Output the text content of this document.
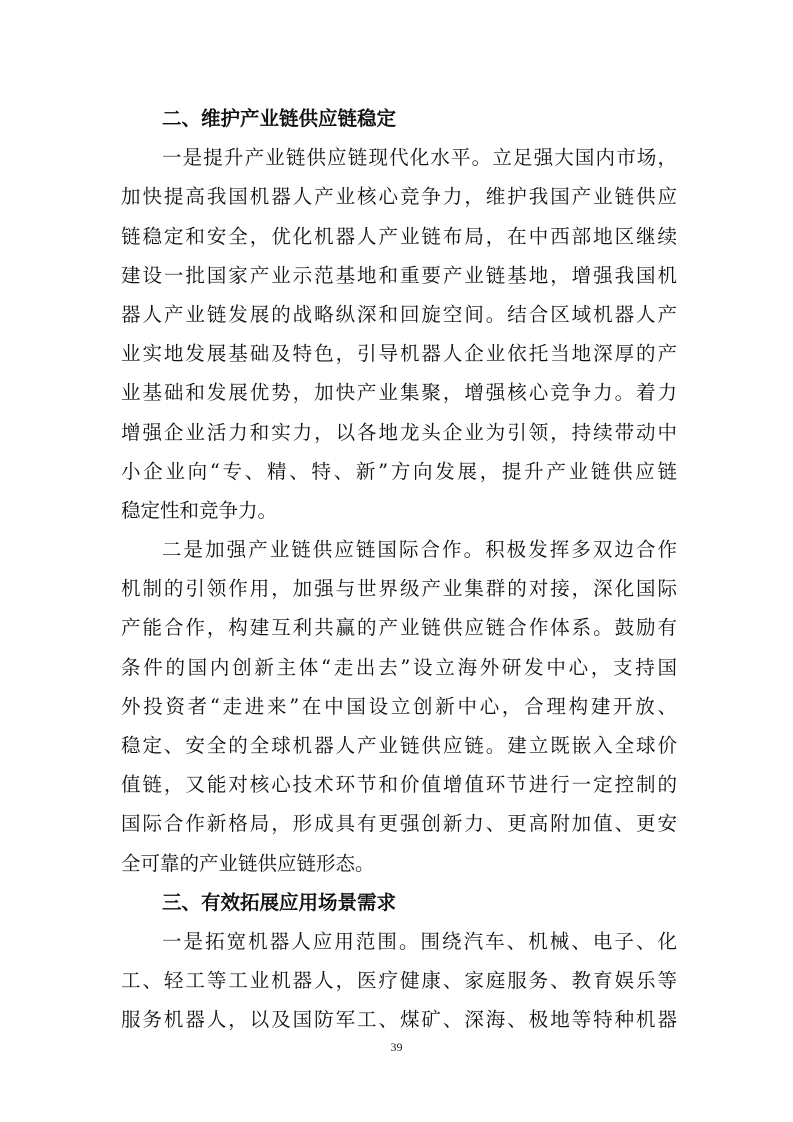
二、维护产业链供应链稳定
一是提升产业链供应链现代化水平。立足强大国内市场，
加快提高我国机器人产业核心竞争力，维护我国产业链供应
链稳定和安全，优化机器人产业链布局，在中西部地区继续
建设一批国家产业示范基地和重要产业链基地，增强我国机
器人产业链发展的战略纵深和回旋空间。结合区域机器人产
业实地发展基础及特色，引导机器人企业依托当地深厚的产
业基础和发展优势，加快产业集聚，增强核心竞争力。着力
增强企业活力和实力，以各地龙头企业为引领，持续带动中
小企业向“专、精、特、新”方向发展，提升产业链供应链
稳定性和竞争力。
二是加强产业链供应链国际合作。积极发挥多双边合作
机制的引领作用，加强与世界级产业集群的对接，深化国际
产能合作，构建互利共赢的产业链供应链合作体系。鼓励有
条件的国内创新主体“走出去”设立海外研发中心，支持国
外投资者“走进来”在中国设立创新中心，合理构建开放、
稳定、安全的全球机器人产业链供应链。建立既嵌入全球价
值链，又能对核心技术环节和价值增值环节进行一定控制的
国际合作新格局，形成具有更强创新力、更高附加值、更安
全可靠的产业链供应链形态。
三、有效拓展应用场景需求
一是拓宽机器人应用范围。围绕汽车、机械、电子、化
工、轻工等工业机器人，医疗健康、家庭服务、教育娱乐等
服务机器人，以及国防军工、煤矿、深海、极地等特种机器
39
